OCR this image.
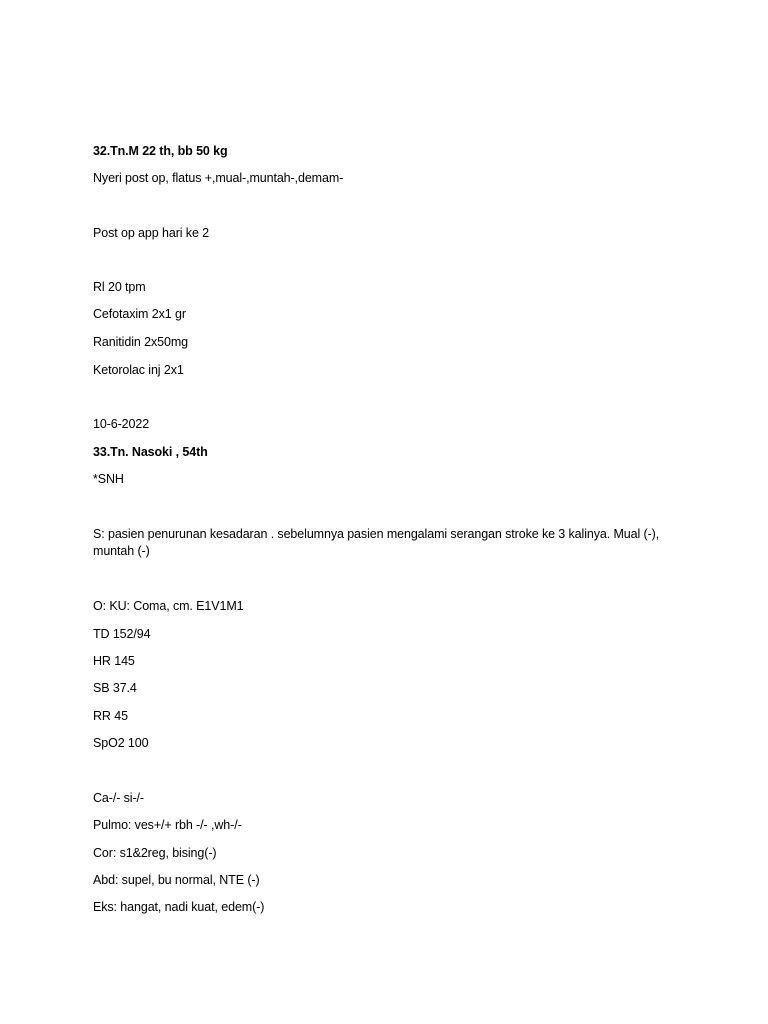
32.Tn.M 22 th, bb 50 kg
Nyeri post op, flatus +,mual-,muntah-,demam-
Post op app hari ke 2
Rl 20 tpm
Cefotaxim 2x1 gr
Ranitidin 2x50mg
Ketorolac inj 2x1
10-6-2022
33.Tn. Nasoki , 54th
*SNH
S: pasien penurunan kesadaran . sebelumnya pasien mengalami serangan stroke ke 3 kalinya. Mual (-), muntah (-)
O: KU: Coma, cm. E1V1M1
TD 152/94
HR 145
SB 37.4
RR 45
SpO2 100
Ca-/- si-/-
Pulmo: ves+/+ rbh -/- ,wh-/-
Cor: s1&2reg, bising(-)
Abd: supel, bu normal, NTE (-)
Eks: hangat, nadi kuat, edem(-)
